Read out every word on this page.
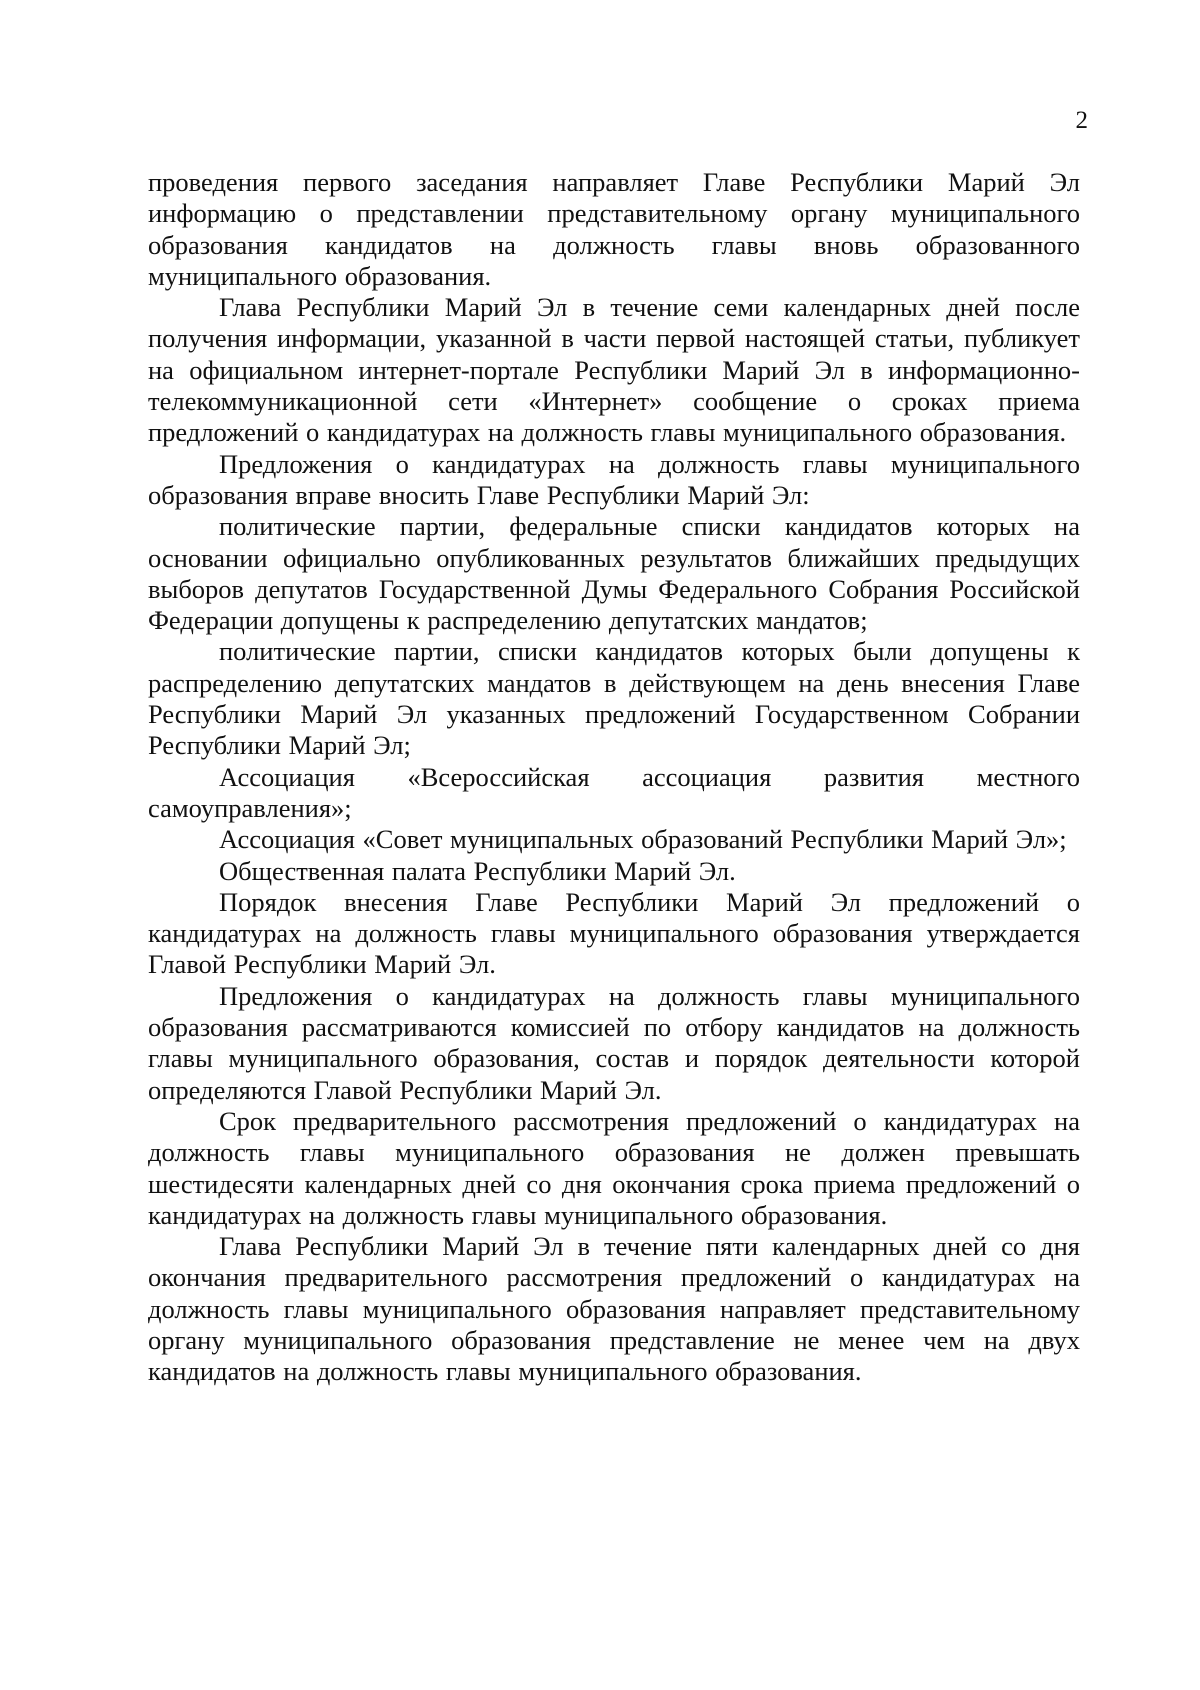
2

проведения первого заседания направляет Главе Республики Марий Эл информацию о представлении представительному органу муниципального образования кандидатов на должность главы вновь образованного муниципального образования.

Глава Республики Марий Эл в течение семи календарных дней после получения информации, указанной в части первой настоящей статьи, публикует на официальном интернет-портале Республики Марий Эл в информационно-телекоммуникационной сети «Интернет» сообщение о сроках приема предложений о кандидатурах на должность главы муниципального образования.

Предложения о кандидатурах на должность главы муниципального образования вправе вносить Главе Республики Марий Эл:

политические партии, федеральные списки кандидатов которых на основании официально опубликованных результатов ближайших предыдущих выборов депутатов Государственной Думы Федерального Собрания Российской Федерации допущены к распределению депутатских мандатов;

политические партии, списки кандидатов которых были допущены к распределению депутатских мандатов в действующем на день внесения Главе Республики Марий Эл указанных предложений Государственном Собрании Республики Марий Эл;

Ассоциация «Всероссийская ассоциация развития местного самоуправления»;

Ассоциация «Совет муниципальных образований Республики Марий Эл»;

Общественная палата Республики Марий Эл.

Порядок внесения Главе Республики Марий Эл предложений о кандидатурах на должность главы муниципального образования утверждается Главой Республики Марий Эл.

Предложения о кандидатурах на должность главы муниципального образования рассматриваются комиссией по отбору кандидатов на должность главы муниципального образования, состав и порядок деятельности которой определяются Главой Республики Марий Эл.

Срок предварительного рассмотрения предложений о кандидатурах на должность главы муниципального образования не должен превышать шестидесяти календарных дней со дня окончания срока приема предложений о кандидатурах на должность главы муниципального образования.

Глава Республики Марий Эл в течение пяти календарных дней со дня окончания предварительного рассмотрения предложений о кандидатурах на должность главы муниципального образования направляет представительному органу муниципального образования представление не менее чем на двух кандидатов на должность главы муниципального образования.
